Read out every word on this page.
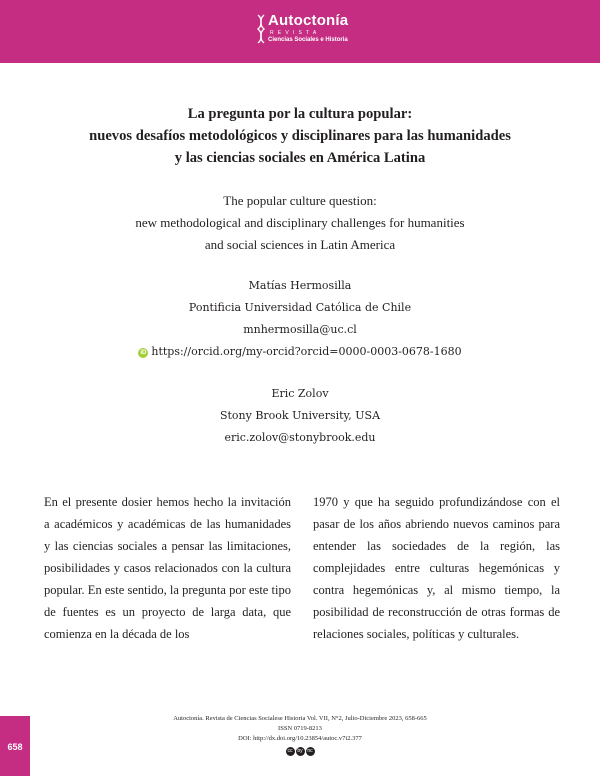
Autoctonía
REVISTA
Ciencias Sociales e Historia
La pregunta por la cultura popular:
nuevos desafíos metodológicos y disciplinares para las humanidades
y las ciencias sociales en América Latina
The popular culture question:
new methodological and disciplinary challenges for humanities
and social sciences in Latin America
Matías Hermosilla
Pontificia Universidad Católica de Chile
mnhermosilla@uc.cl
iD https://orcid.org/my-orcid?orcid=0000-0003-0678-1680
Eric Zolov
Stony Brook University, USA
eric.zolov@stonybrook.edu

En el presente dosier hemos hecho la invitación a académicos y académicas de las humanidades y las ciencias sociales a pensar las limitaciones, posibilidades y casos relacionados con la cultura popular. En este sentido, la pregunta por este tipo de fuentes es un proyecto de larga data, que comienza en la década de los

1970 y que ha seguido profundizándose con el pasar de los años abriendo nuevos caminos para entender las sociedades de la región, las complejidades entre culturas hegemónicas y contra hegemónicas y, al mismo tiempo, la posibilidad de reconstrucción de otras formas de relaciones sociales, políticas y culturales.

Autoctonía. Revista de Ciencias Socialese Historia Vol. VII, N°2, Julio-Diciembre 2023, 658-665
ISSN 0719-8213
DOI: http://dx.doi.org/10.23854/autoc.v7i2.377
cc by nc
658
